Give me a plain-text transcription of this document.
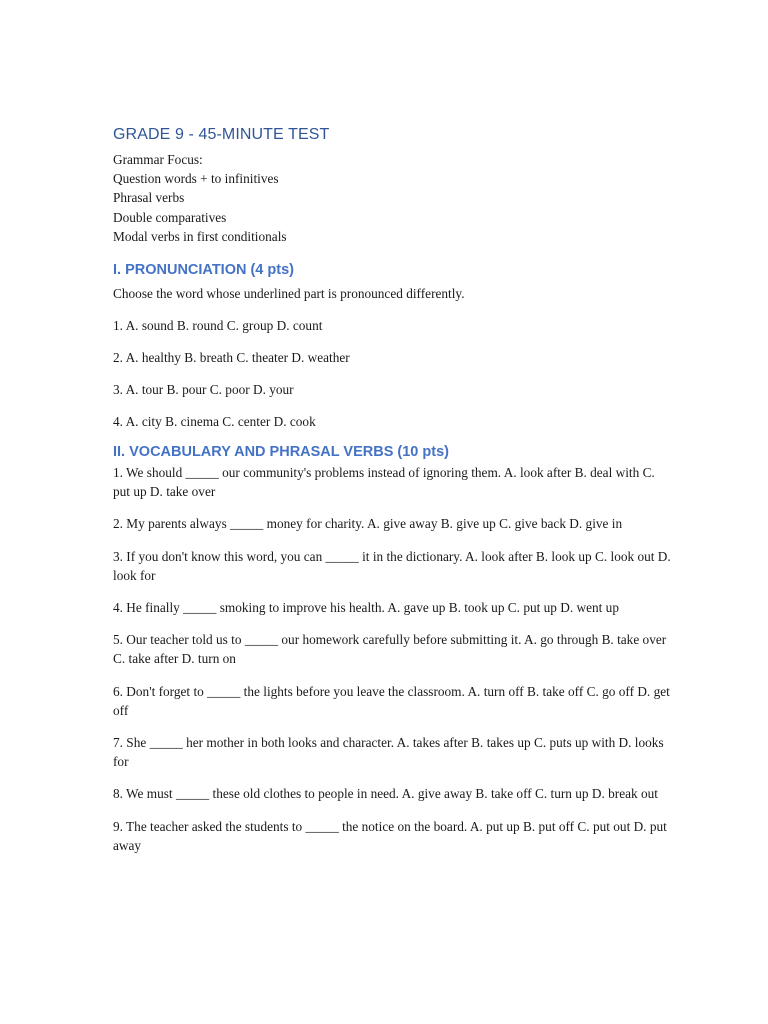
GRADE 9 - 45-MINUTE TEST

Grammar Focus:

Question words + to infinitives

Phrasal verbs

Double comparatives

Modal verbs in first conditionals

I. PRONUNCIATION (4 pts)

Choose the word whose underlined part is pronounced differently.

1. A. sound B. round C. group D. count

2. A. healthy B. breath C. theater D. weather

3. A. tour B. pour C. poor D. your

4. A. city B. cinema C. center D. cook

II. VOCABULARY AND PHRASAL VERBS (10 pts)

1. We should _____ our community's problems instead of ignoring them. A. look after B. deal with C. put up D. take over

2. My parents always _____ money for charity. A. give away B. give up C. give back D. give in

3. If you don't know this word, you can _____ it in the dictionary. A. look after B. look up C. look out D. look for

4. He finally _____ smoking to improve his health. A. gave up B. took up C. put up D. went up

5. Our teacher told us to _____ our homework carefully before submitting it. A. go through B. take over C. take after D. turn on

6. Don't forget to _____ the lights before you leave the classroom. A. turn off B. take off C. go off D. get off

7. She _____ her mother in both looks and character. A. takes after B. takes up C. puts up with D. looks for

8. We must _____ these old clothes to people in need. A. give away B. take off C. turn up D. break out

9. The teacher asked the students to _____ the notice on the board. A. put up B. put off C. put out D. put away
